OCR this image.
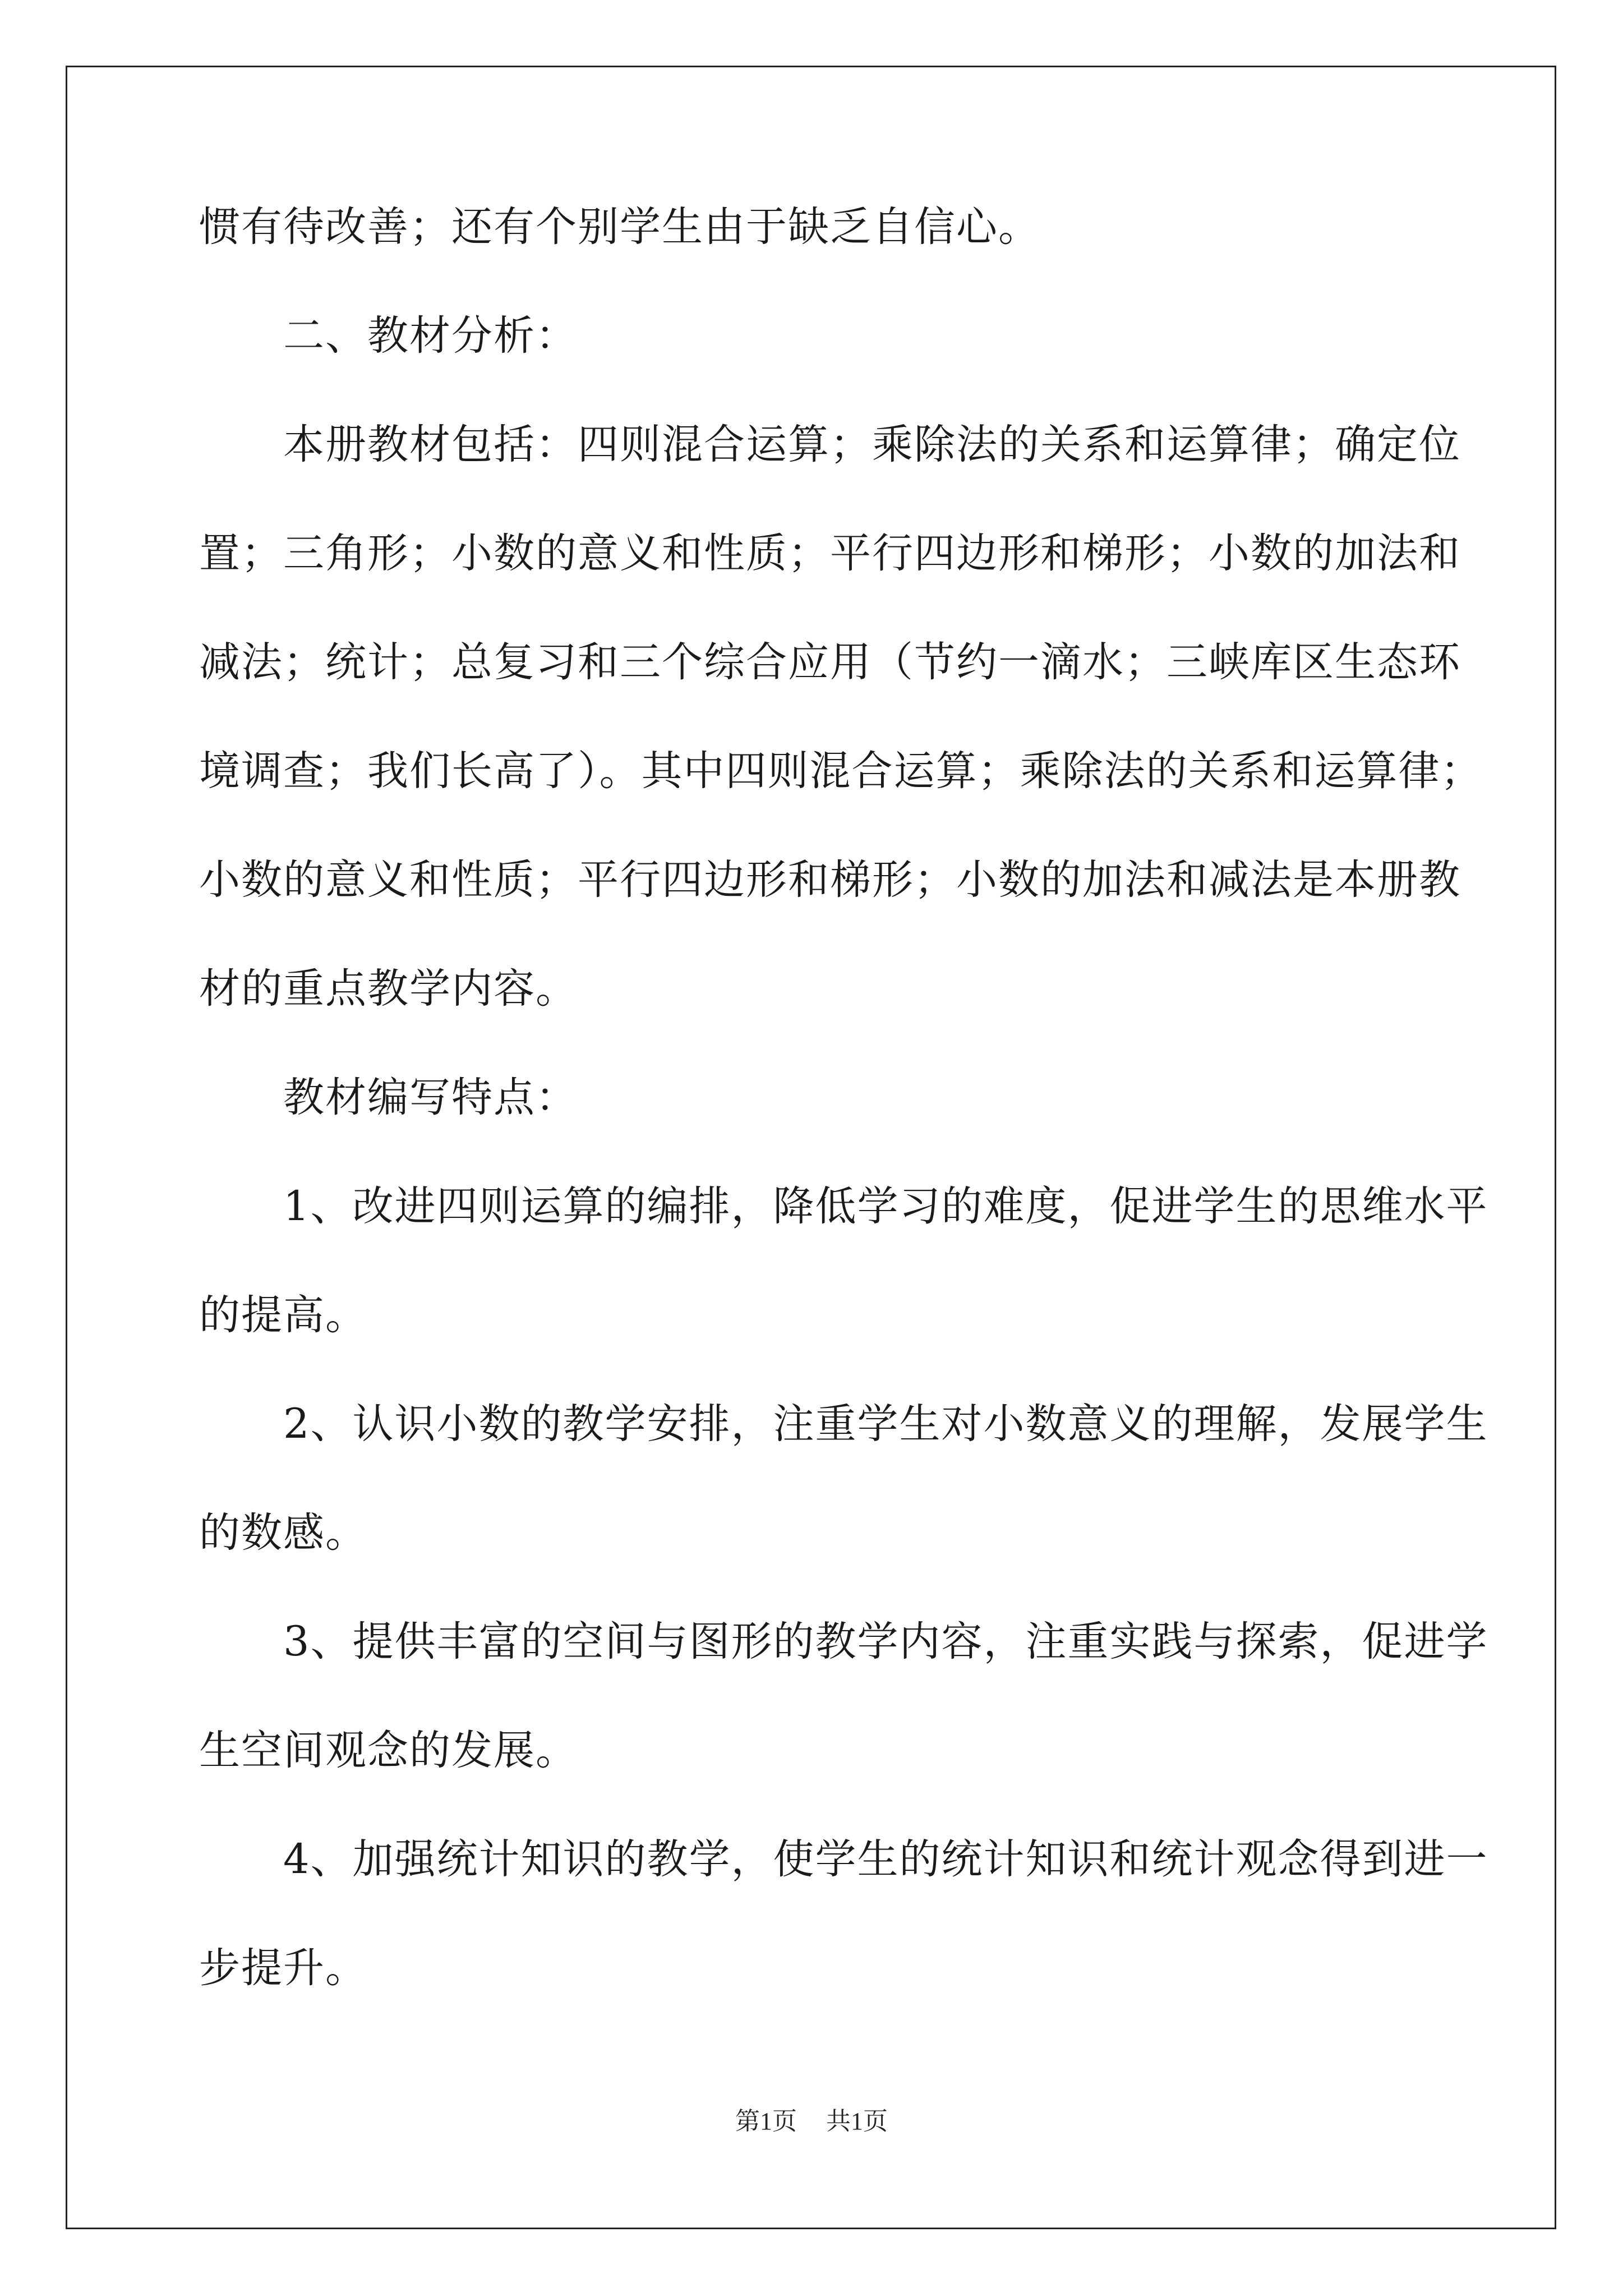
惯有待改善；还有个别学生由于缺乏自信心。
　　二、教材分析：
　　本册教材包括：四则混合运算；乘除法的关系和运算律；确定位
置；三角形；小数的意义和性质；平行四边形和梯形；小数的加法和
减法；统计；总复习和三个综合应用（节约一滴水；三峡库区生态环
境调查；我们长高了）。其中四则混合运算；乘除法的关系和运算律；
小数的意义和性质；平行四边形和梯形；小数的加法和减法是本册教
材的重点教学内容。
　　教材编写特点：
　　1、改进四则运算的编排，降低学习的难度，促进学生的思维水平
的提高。
　　2、认识小数的教学安排，注重学生对小数意义的理解，发展学生
的数感。
　　3、提供丰富的空间与图形的教学内容，注重实践与探索，促进学
生空间观念的发展。
　　4、加强统计知识的教学，使学生的统计知识和统计观念得到进一
步提升。
第1页 共1页
